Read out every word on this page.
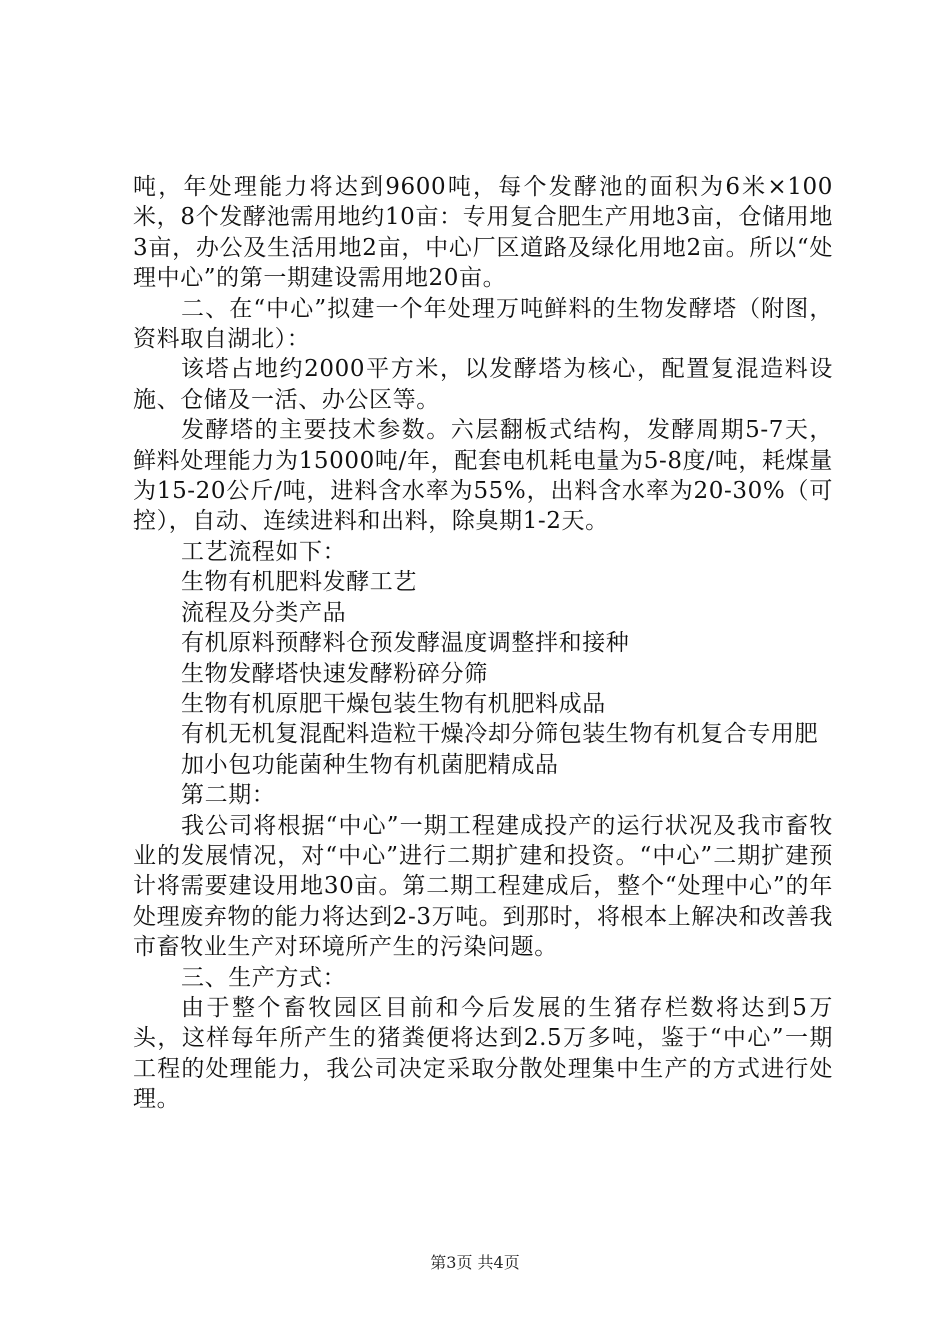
吨，年处理能力将达到9600吨，每个发酵池的面积为6米×100米，8个发酵池需用地约10亩：专用复合肥生产用地3亩，仓储用地3亩，办公及生活用地2亩，中心厂区道路及绿化用地2亩。所以“处理中心”的第一期建设需用地20亩。

二、在“中心”拟建一个年处理万吨鲜料的生物发酵塔（附图，资料取自湖北）：

该塔占地约2000平方米，以发酵塔为核心，配置复混造料设施、仓储及一活、办公区等。

发酵塔的主要技术参数。六层翻板式结构，发酵周期5-7天，鲜料处理能力为15000吨/年，配套电机耗电量为5-8度/吨，耗煤量为15-20公斤/吨，进料含水率为55%，出料含水率为20-30%（可控），自动、连续进料和出料，除臭期1-2天。

工艺流程如下：

生物有机肥料发酵工艺

流程及分类产品

有机原料预酵料仓预发酵温度调整拌和接种

生物发酵塔快速发酵粉碎分筛

生物有机原肥干燥包装生物有机肥料成品

有机无机复混配料造粒干燥冷却分筛包装生物有机复合专用肥

加小包功能菌种生物有机菌肥精成品

第二期：

我公司将根据“中心”一期工程建成投产的运行状况及我市畜牧业的发展情况，对“中心”进行二期扩建和投资。“中心”二期扩建预计将需要建设用地30亩。第二期工程建成后，整个“处理中心”的年处理废弃物的能力将达到2-3万吨。到那时，将根本上解决和改善我市畜牧业生产对环境所产生的污染问题。

三、生产方式：

由于整个畜牧园区目前和今后发展的生猪存栏数将达到5万头，这样每年所产生的猪粪便将达到2.5万多吨，鉴于“中心”一期工程的处理能力，我公司决定采取分散处理集中生产的方式进行处理。

第3页 共4页
